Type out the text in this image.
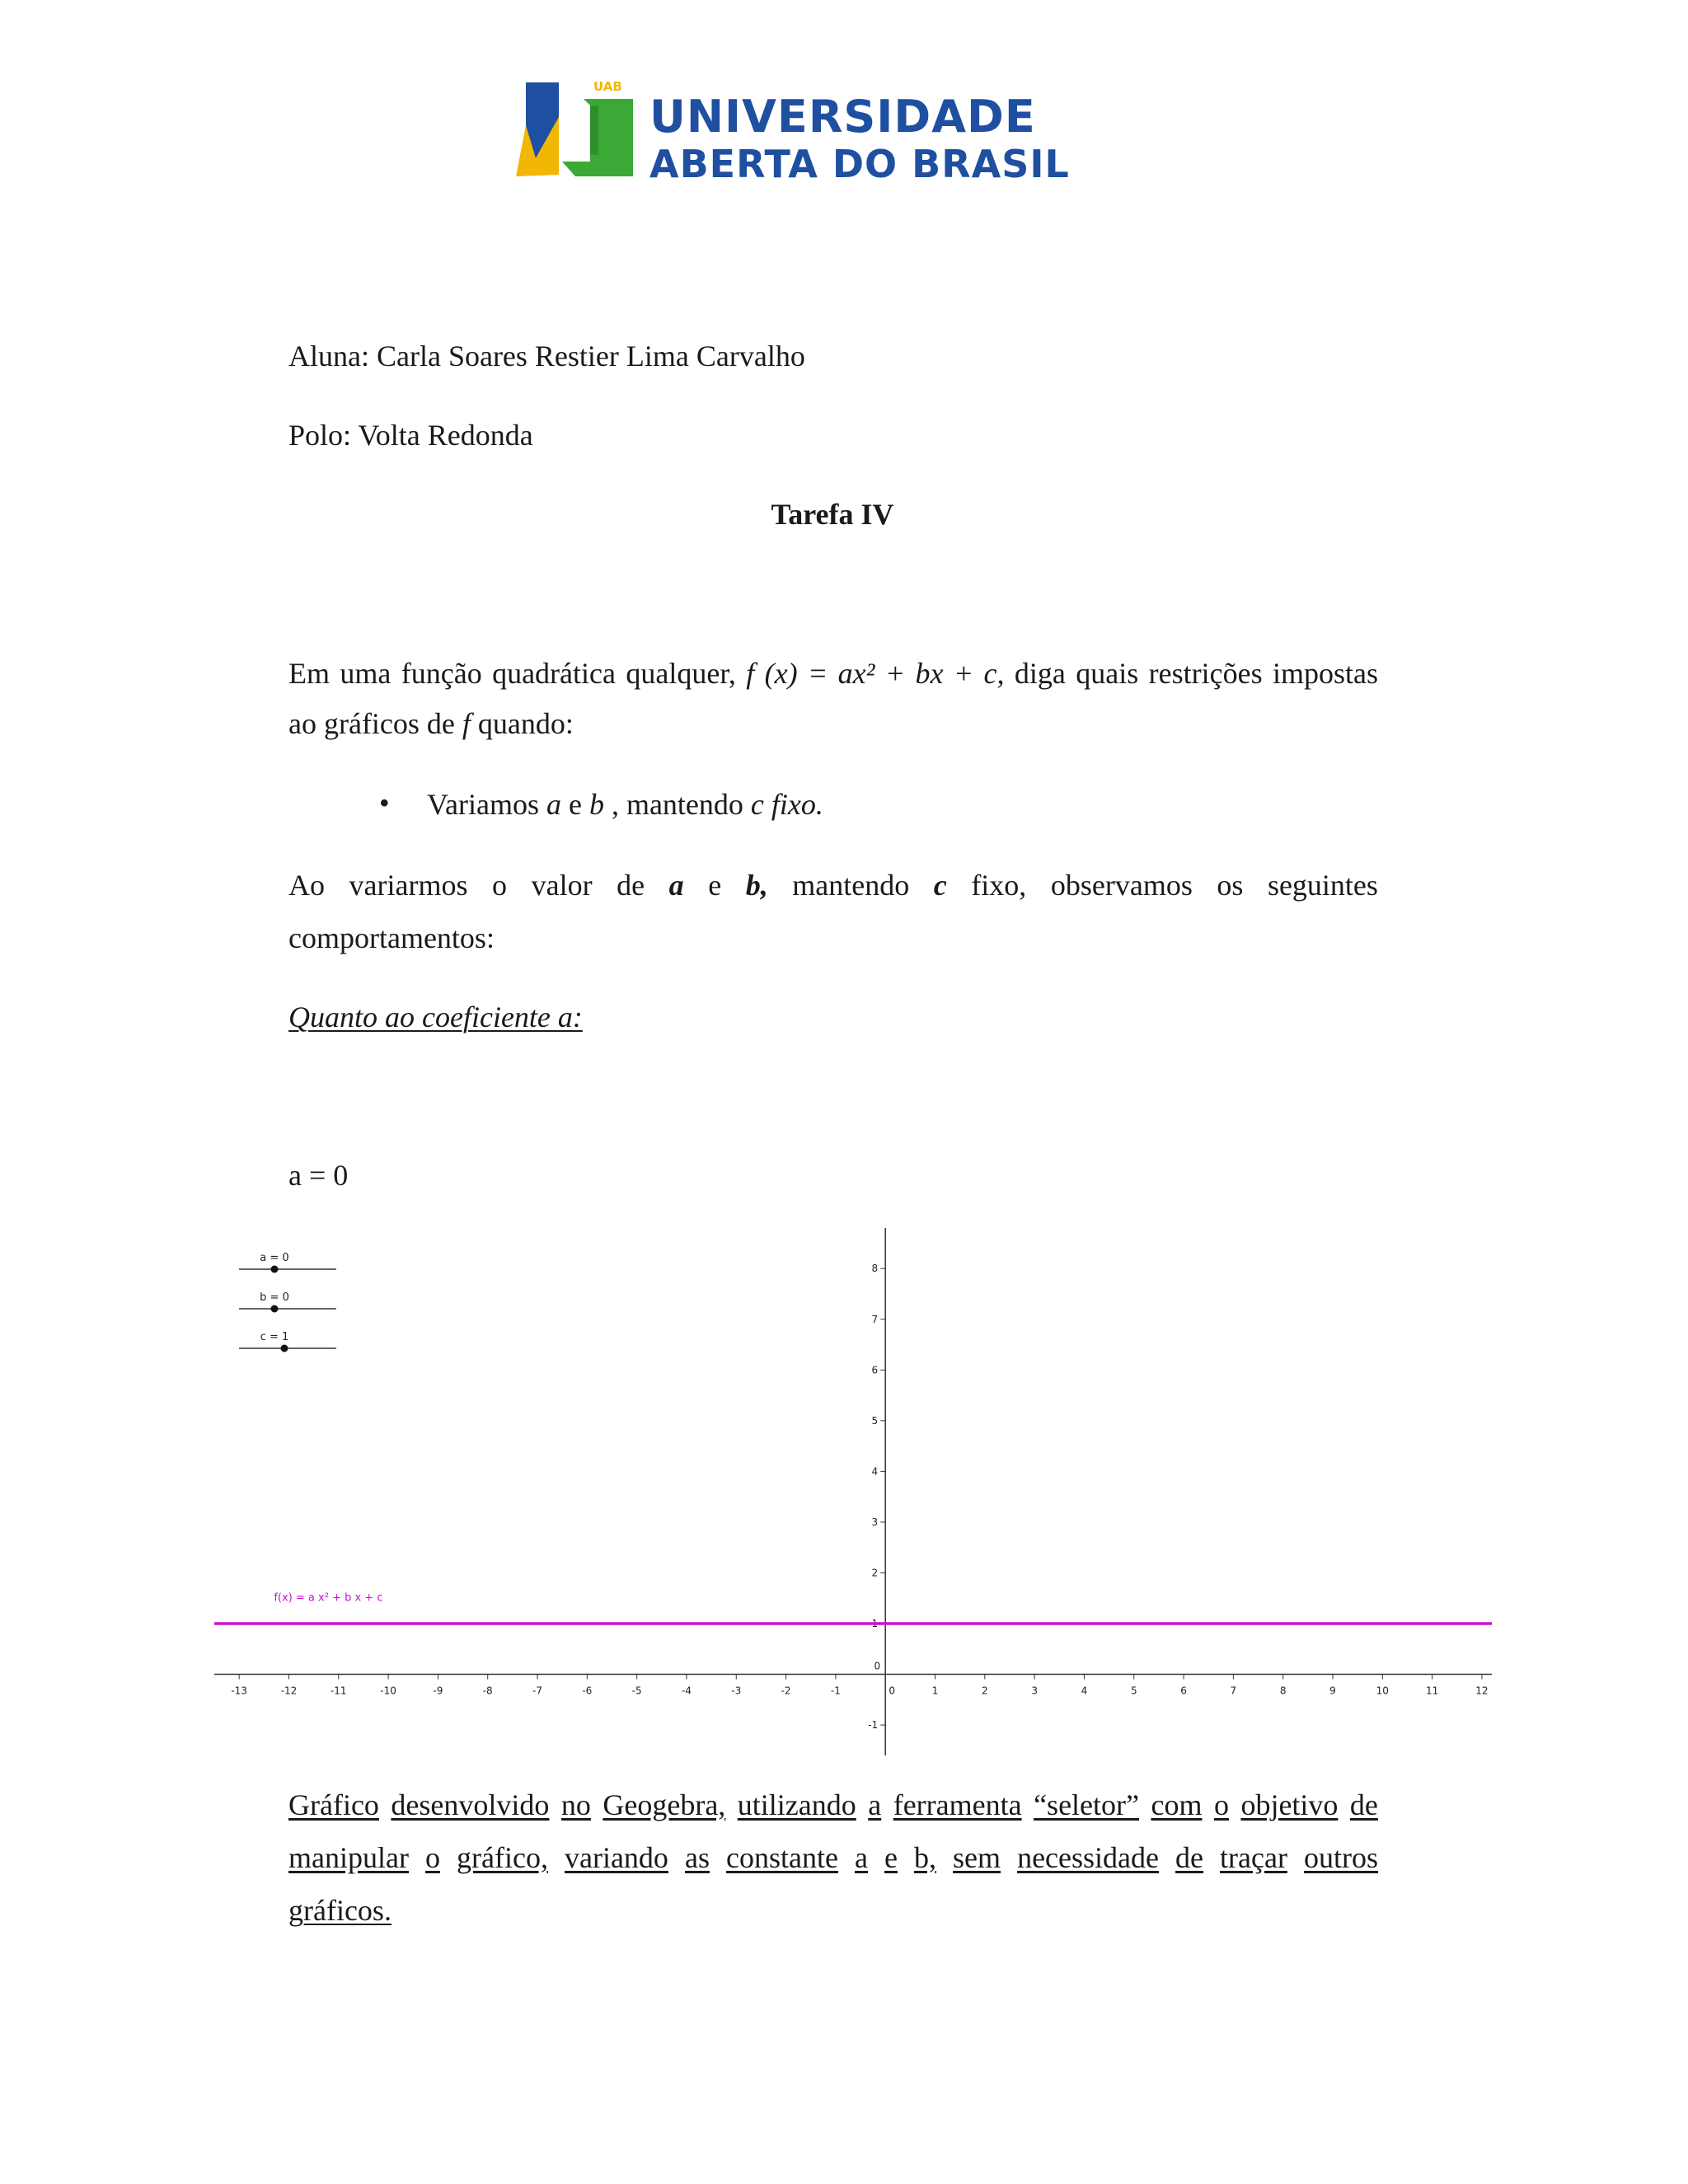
UAB
UNIVERSIDADE
ABERTA DO BRASIL
Aluna: Carla Soares Restier Lima Carvalho
Polo: Volta Redonda
Tarefa IV
Em uma função quadrática qualquer, f (x) = ax² + bx + c, diga quais restrições impostas
ao gráficos de f quando:
• Variamos a e b , mantendo c fixo.
Ao variarmos o valor de a e b, mantendo c fixo, observamos os seguintes
comportamentos:
Quanto ao coeficiente a:
a = 0
-13	-12	-11	-10	-9	-8	-7	-6	-5	-4	-3	-2	-1	0	1	2	3	4	5	6	7	8	9	10	11	12
-1
0
1
2
3
4
5
6
7
8
f(x) = a x² + b x + c
a = 0
b = 0
c = 1
Gráfico desenvolvido no Geogebra, utilizando a ferramenta “seletor” com o objetivo de
manipular o gráfico, variando as constante a e b, sem necessidade de traçar outros
gráficos.
